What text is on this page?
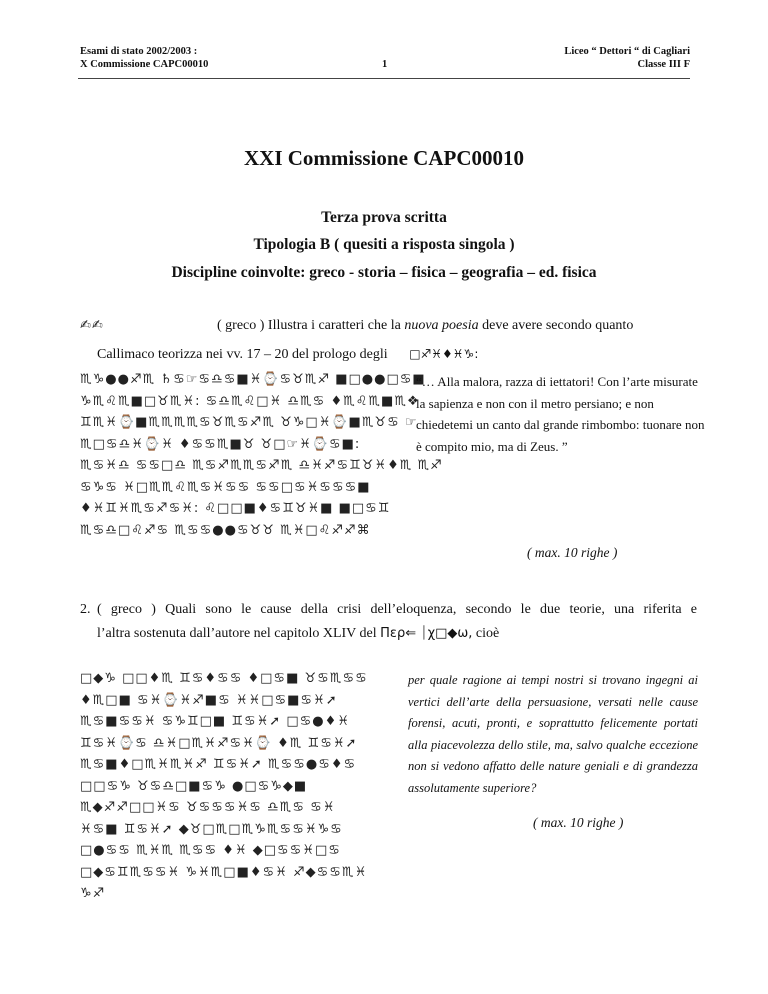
Esami di stato 2002/2003 :
X Commissione CAPC00010	1
Liceo “ Dettori “ di Cagliari
Classe III F
XXI Commissione CAPC00010
Terza prova scritta
Tipologia B ( quesiti a risposta singola )
Discipline coinvolte: greco - storia – fisica – geografia – ed. fisica
✍✍	( greco ) Illustra i caratteri che la nuova poesia deve avere secondo quanto
Callimaco teorizza nei vv. 17 – 20 del prologo degli □♐♓♦♓♑:
♏♑●●♐♏ ♄♋☞♋♎♋■♓⌚♋♉♏♐ ■□●●□♋■
♑♏♌♏■□♉♏♓: ♋♎♏♌□♓ ♎♏♋ ♦♏♌♏■♏❖
♊♏♓⌚■♏♏♏♏♋♉♏♋♐♏ ♉♑□♓⌚■♏♉♋ ☞
♏□♋♎♓⌚♓ ♦♋♋♏■♉ ♉□☞♓⌚♋■:
♏♋♓♎ ♋♋□♎ ♏♋♐♏♏♋♐♏ ♎♓♐♋♊♉♓♦♏ ♏♐
♋♑♋ ♓□♏♏♌♏♋♓♋♋ ♋♋□♋♓♋♋♋■
♦♓♊♓♏♋♐♋♓: ♌□□■♦♋♊♉♓■ ■□♋♊
♏♋♎□♌♐♋ ♏♋♋●●♋♉♉ ♏♓□♌♐♐⌘
“… Alla malora, razza di iettatori! Con l’arte misurate la sapienza e non con il metro persiano; e non chiedetemi un canto dal grande rimbombo: tuonare non è compito mio, ma di Zeus. ”
( max. 10 righe )
2. ( greco ) Quali sono le cause della crisi dell’eloquenza, secondo le due teorie, una riferita e
l’altra sostenuta dall’autore nel capitolo XLIV del Περ⇐ ⏐χ□◆ω, cioè
□◆♑ □□♦♏ ♊♋♦♋♋ ♦□♋■ ♉♋♏♋♋
♦♏□■ ♋♓⌚♓♐■♋ ♓♓□♋■♋♓➚
♏♋■♋♋♓ ♋♑♊□■ ♊♋♓➚ □♋●♦♓
♊♋♓⌚♋ ♎♓□♏♓♐♋♓⌚ ♦♏ ♊♋♓➚
♏♋■♦□♏♓♏♓♐ ♊♋♓➚ ♏♋♋●♋♦♋
□□♋♑ ♉♋♎□■♋♑ ●□♋♑◆■
♏◆♐♐□□♓♋ ♉♋♋♋♓♋ ♎♏♋ ♋♓
♓♋■ ♊♋♓➚ ◆♉□♏□♏♑♏♋♋♓♑♋
□●♋♋ ♏♓♏ ♏♋♋ ♦♓ ◆□♋♋♓□♋
□◆♋♊♏♋♋♓ ♑♓♏□■♦♋♓ ♐◆♋♋♏♓
♑♐
per quale ragione ai tempi nostri si trovano ingegni ai vertici dell’arte della persuasione, versati nelle cause forensi, acuti, pronti, e soprattutto felicemente portati alla piacevolezza dello stile, ma, salvo qualche eccezione non si vedono affatto delle nature geniali e di grandezza assolutamente superiore?
( max. 10 righe )
